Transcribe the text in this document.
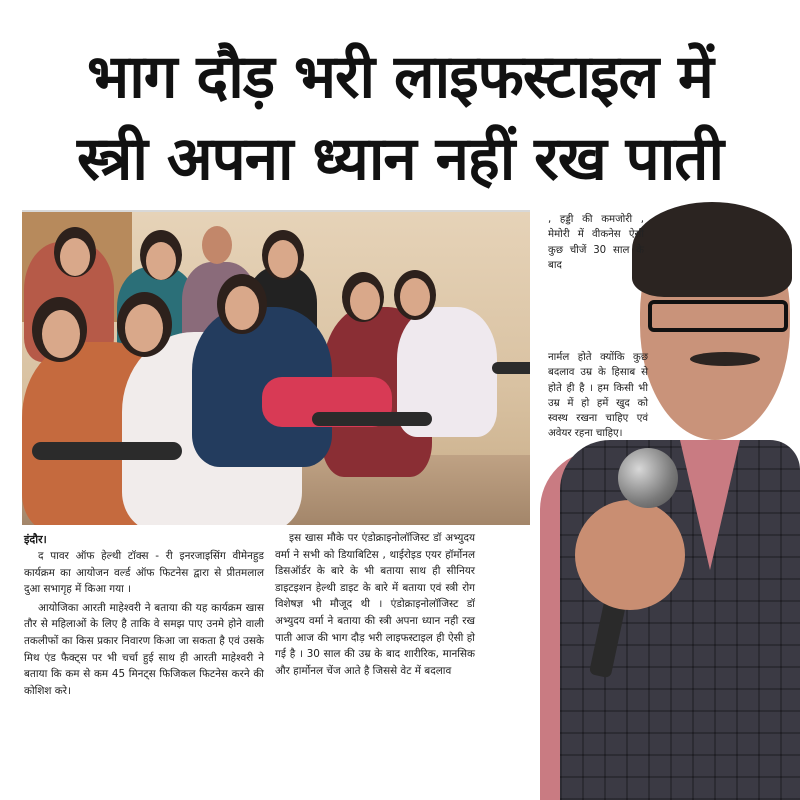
भाग दौड़ भरी लाइफस्टाइल में
स्त्री अपना ध्यान नहीं रख पाती
, हड्डी की कमजोरी , मेमोरी में वीकनेस ऐसी कुछ चीजें 30 साल के बाद
नार्मल होते क्योंकि कुछ बदलाव उम्र के हिसाब से होते ही है । हम किसी भी उम्र में हो हमें खुद को स्वस्थ रखना चाहिए एवं अवेयर रहना चाहिए।
इंदौर।

द पावर ऑफ हेल्थी टॉक्स - री इनरजाइसिंग वीमेनहुड कार्यक्रम का आयोजन वर्ल्ड ऑफ फिटनेस द्वारा से प्रीतमलाल दुआ सभागृह में किआ गया ।

आयोजिका आरती माहेश्वरी ने बताया की यह कार्यक्रम खास तौर से महिलाओं के लिए है ताकि वे समझ पाए उनमे होने वाली तकलीफों का किस प्रकार निवारण किआ जा सकता है एवं उसके मिथ एंड फैक्ट्स पर भी चर्चा हुई साथ ही आरती माहेश्वरी ने बताया कि कम से कम 45 मिनट्स फिजिकल फिटनेस करने की कोशिश करे।

इस खास मौके पर एंडोक्राइनोलॉजिस्ट डॉ अभ्युदय वर्मा ने सभी को डियाबिटिस , थाईरोइड एयर हॉर्मोनल डिसऑर्डर के बारे के भी बताया साथ ही सीनियर डाइटइशन हेल्थी डाइट के बारे में बताया एवं स्त्री रोग विशेषज्ञ भी मौजूद थी । एंडोक्राइनोलॉजिस्ट डॉ अभ्युदय वर्मा ने बताया की स्त्री अपना ध्यान नही रख पाती आज की भाग दौड़ भरी लाइफस्टाइल ही ऐसी हो गई है । 30 साल की उम्र के बाद शारीरिक, मानसिक और हार्मोनल चेंज आते है जिससे वेट में बदलाव
